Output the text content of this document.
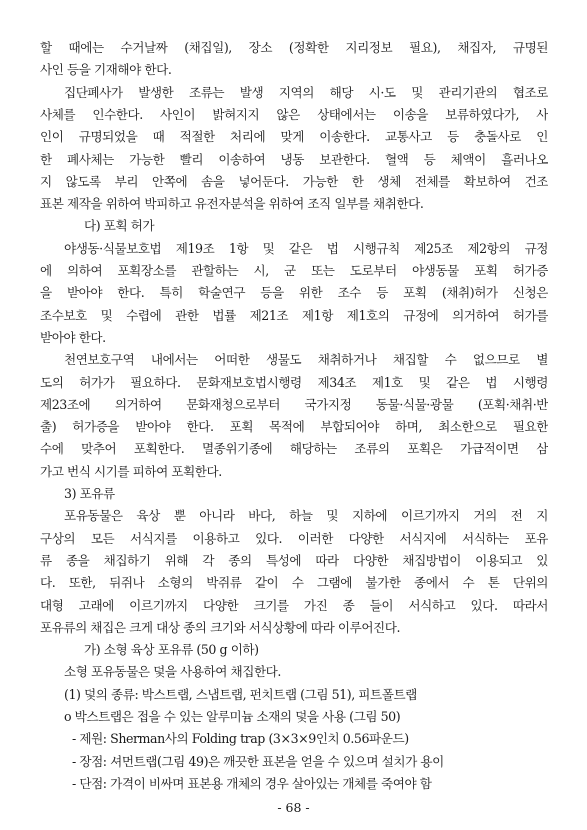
할 때에는 수거날짜 (채집일), 장소 (정확한 지리정보 필요), 채집자, 규명된
사인 등을 기재해야 한다.
집단폐사가 발생한 조류는 발생 지역의 해당 시·도 및 관리기관의 협조로
사체를 인수한다. 사인이 밝혀지지 않은 상태에서는 이송을 보류하였다가, 사
인이 규명되었을 때 적절한 처리에 맞게 이송한다. 교통사고 등 충돌사로 인
한 폐사체는 가능한 빨리 이송하여 냉동 보관한다. 혈액 등 체액이 흘러나오
지 않도록 부리 안쪽에 솜을 넣어둔다. 가능한 한 생체 전체를 확보하여 건조
표본 제작을 위하여 박피하고 유전자분석을 위하여 조직 일부를 채취한다.
다) 포획 허가
야생동·식물보호법 제19조 1항 및 같은 법 시행규칙 제25조 제2항의 규정
에 의하여 포획장소를 관할하는 시, 군 또는 도로부터 야생동물 포획 허가증
을 받아야 한다. 특히 학술연구 등을 위한 조수 등 포획 (채취)허가 신청은
조수보호 및 수렵에 관한 법률 제21조 제1항 제1호의 규정에 의거하여 허가를
받아야 한다.
천연보호구역 내에서는 어떠한 생물도 채취하거나 채집할 수 없으므로 별
도의 허가가 필요하다. 문화재보호법시행령 제34조 제1호 및 같은 법 시행령
제23조에 의거하여 문화재청으로부터 국가지정 동물·식물·광물 (포획·채취·반
출) 허가증을 받아야 한다. 포획 목적에 부합되어야 하며, 최소한으로 필요한
수에 맞추어 포획한다. 멸종위기종에 해당하는 조류의 포획은 가급적이면 삼
가고 번식 시기를 피하여 포획한다.
3) 포유류
포유동물은 육상 뿐 아니라 바다, 하늘 및 지하에 이르기까지 거의 전 지
구상의 모든 서식지를 이용하고 있다. 이러한 다양한 서식지에 서식하는 포유
류 종을 채집하기 위해 각 종의 특성에 따라 다양한 채집방법이 이용되고 있
다. 또한, 뒤쥐나 소형의 박쥐류 같이 수 그램에 불가한 종에서 수 톤 단위의
대형 고래에 이르기까지 다양한 크기를 가진 종 들이 서식하고 있다. 따라서
포유류의 채집은 크게 대상 종의 크기와 서식상황에 따라 이루어진다.
가) 소형 육상 포유류 (50 g 이하)
소형 포유동물은 덫을 사용하여 채집한다.
(1) 덫의 종류: 박스트랩, 스냅트랩, 펀치트랩 (그림 51), 피트폴트랩
o 박스트랩은 접을 수 있는 알루미늄 소재의 덫을 사용 (그림 50)
- 제원: Sherman사의 Folding trap (3×3×9인치 0.56파운드)
- 장점: 셔먼트랩(그림 49)은 깨끗한 표본을 얻을 수 있으며 설치가 용이
- 단점: 가격이 비싸며 표본용 개체의 경우 살아있는 개체를 죽여야 함
- 68 -
